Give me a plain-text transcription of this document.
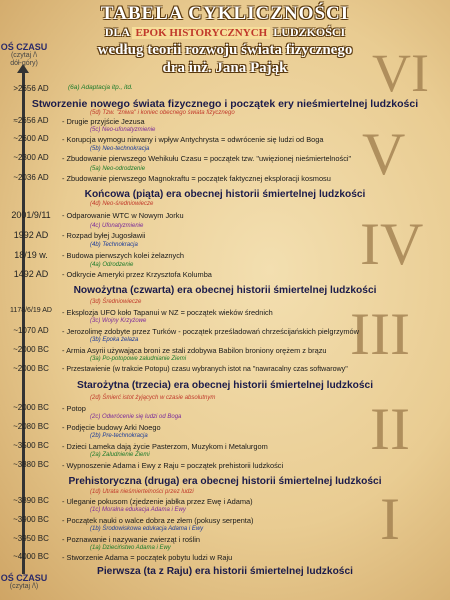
TABELA CYKLICZNOŚCI
DLA EPOK HISTORYCZNYCH LUDZKOŚCI
według teorii rozwoju świata fizycznego
dra inż. Jana Pająk	VI
V
IV
III
II
I
OŚ CZASU
(czytaj /\
dół-góry)
OŚ CZASU
(czytaj /\)
>2656 AD	(6a) Adaptacja itp., itd.
Stworzenie nowego świata fizycznego i początek ery nieśmiertelnej ludzkości
(5d) Tzw. "żniwa" i koniec obecnego świata fizycznego
≈2656 AD	- Drugie przyjście Jezusa
(5c) Neo-ufonatyzmienie
~2600 AD	- Korupcja wymogu nirwany i wpływ Antychrysta = odwrócenie się ludzi od Boga
(5b) Neo-technokracja
~2300 AD	- Zbudowanie pierwszego Wehikułu Czasu = początek tzw. "uwięzionej nieśmiertelności"
(5a) Neo-odrodzenie
~2036 AD	- Zbudowanie pierwszego Magnokraftu = początek faktycznej eksploracji kosmosu
Końcowa (piąta) era obecnej historii śmiertelnej ludzkości
(4d) Neo-średniowiecze
2001/9/11	- Odparowanie WTC w Nowym Jorku
(4c) Ufonatyzmienie
1992 AD	- Rozpad byłej Jugosławii
(4b) Technokracja
18/19 w.	- Budowa pierwszych kolei żelaznych
(4a) Odrodzenie
1492 AD	- Odkrycie Ameryki przez Krzysztofa Kolumba
Nowożytna (czwarta) era obecnej historii śmiertelnej ludzkości
(3d) Średniowiecze
1178/6/19 AD	- Eksplozja UFO koło Tapanui w NZ = początek wieków średnich
(3c) Wojny Krzyżowe
~1070 AD	- Jerozolimę zdobyte przez Turków - początek prześladowań chrześcijańskich pielgrzymów
(3b) Epoka żelaza
~2000 BC	- Armia Asyrii używająca broni ze stali zdobywa Babilon broniony orężem z brązu
(3a) Po-potopowe zaludnianie Ziemi
~2000 BC	- Przestawienie (w trakcie Potopu) czasu wybranych istot na "nawracalny czas softwarowy"
Starożytna (trzecia) era obecnej historii śmiertelnej ludzkości
(2d) Śmierć istot żyjących w czasie absolutnym
~2000 BC	- Potop
(2c) Odwrócenie się ludzi od Boga
~2080 BC	- Podjęcie budowy Arki Noego
(2b) Pre-technokracja
~3500 BC	- Dzieci Lameka dają życie Pasterzom, Muzykom i Metalurgom
(2a) Zaludnienie Ziemi
~3880 BC	- Wypnoszenie Adama i Ewy z Raju = początek prehistorii ludzkości
Prehistoryczna (druga) era obecnej historii śmiertelnej ludzkości
(1d) Utrata nieśmiertelności przez ludzi
~3890 BC	- Uleganie pokusom (zjedzenie jabłka przez Ewę i Adama)
(1c) Moralna edukacja Adama i Ewy
~3900 BC	- Początek nauki o walce dobra ze złem (pokusy serpenta)
(1b) Środowiskowa edukacja Adama i Ewy
~3950 BC	- Poznawanie i nazywanie zwierząt i roślin
(1a) Dzieciństwo Adama i Ewy
~4000 BC	- Stworzenie Adama = początek pobytu ludzi w Raju
Pierwsza (ta z Raju) era historii śmiertelnej ludzkości
